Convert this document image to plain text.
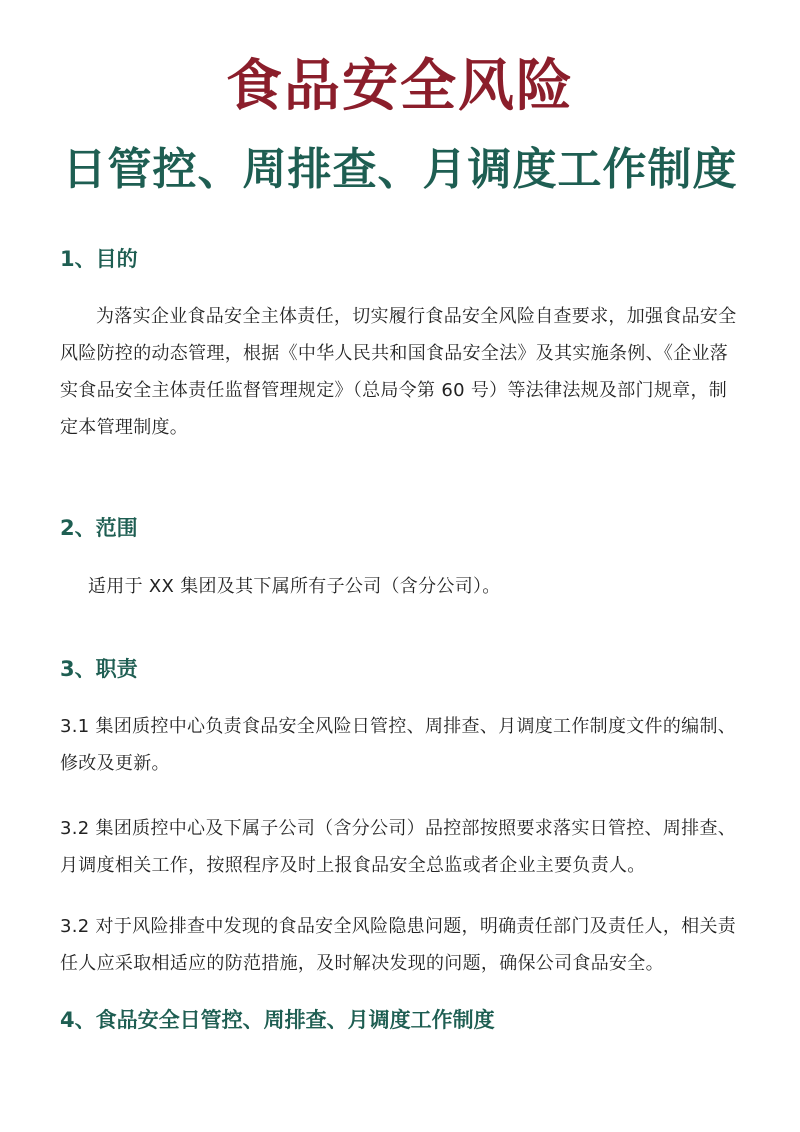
食品安全风险
日管控、周排查、月调度工作制度
1、目的
为落实企业食品安全主体责任，切实履行食品安全风险自查要求，加强食品安全风险防控的动态管理，根据《中华人民共和国食品安全法》及其实施条例、《企业落实食品安全主体责任监督管理规定》（总局令第 60 号）等法律法规及部门规章，制定本管理制度。
2、范围
适用于 XX 集团及其下属所有子公司（含分公司）。
3、职责
3.1 集团质控中心负责食品安全风险日管控、周排查、月调度工作制度文件的编制、修改及更新。
3.2 集团质控中心及下属子公司（含分公司）品控部按照要求落实日管控、周排查、月调度相关工作，按照程序及时上报食品安全总监或者企业主要负责人。
3.2 对于风险排查中发现的食品安全风险隐患问题，明确责任部门及责任人，相关责任人应采取相适应的防范措施，及时解决发现的问题，确保公司食品安全。
4、食品安全日管控、周排查、月调度工作制度
